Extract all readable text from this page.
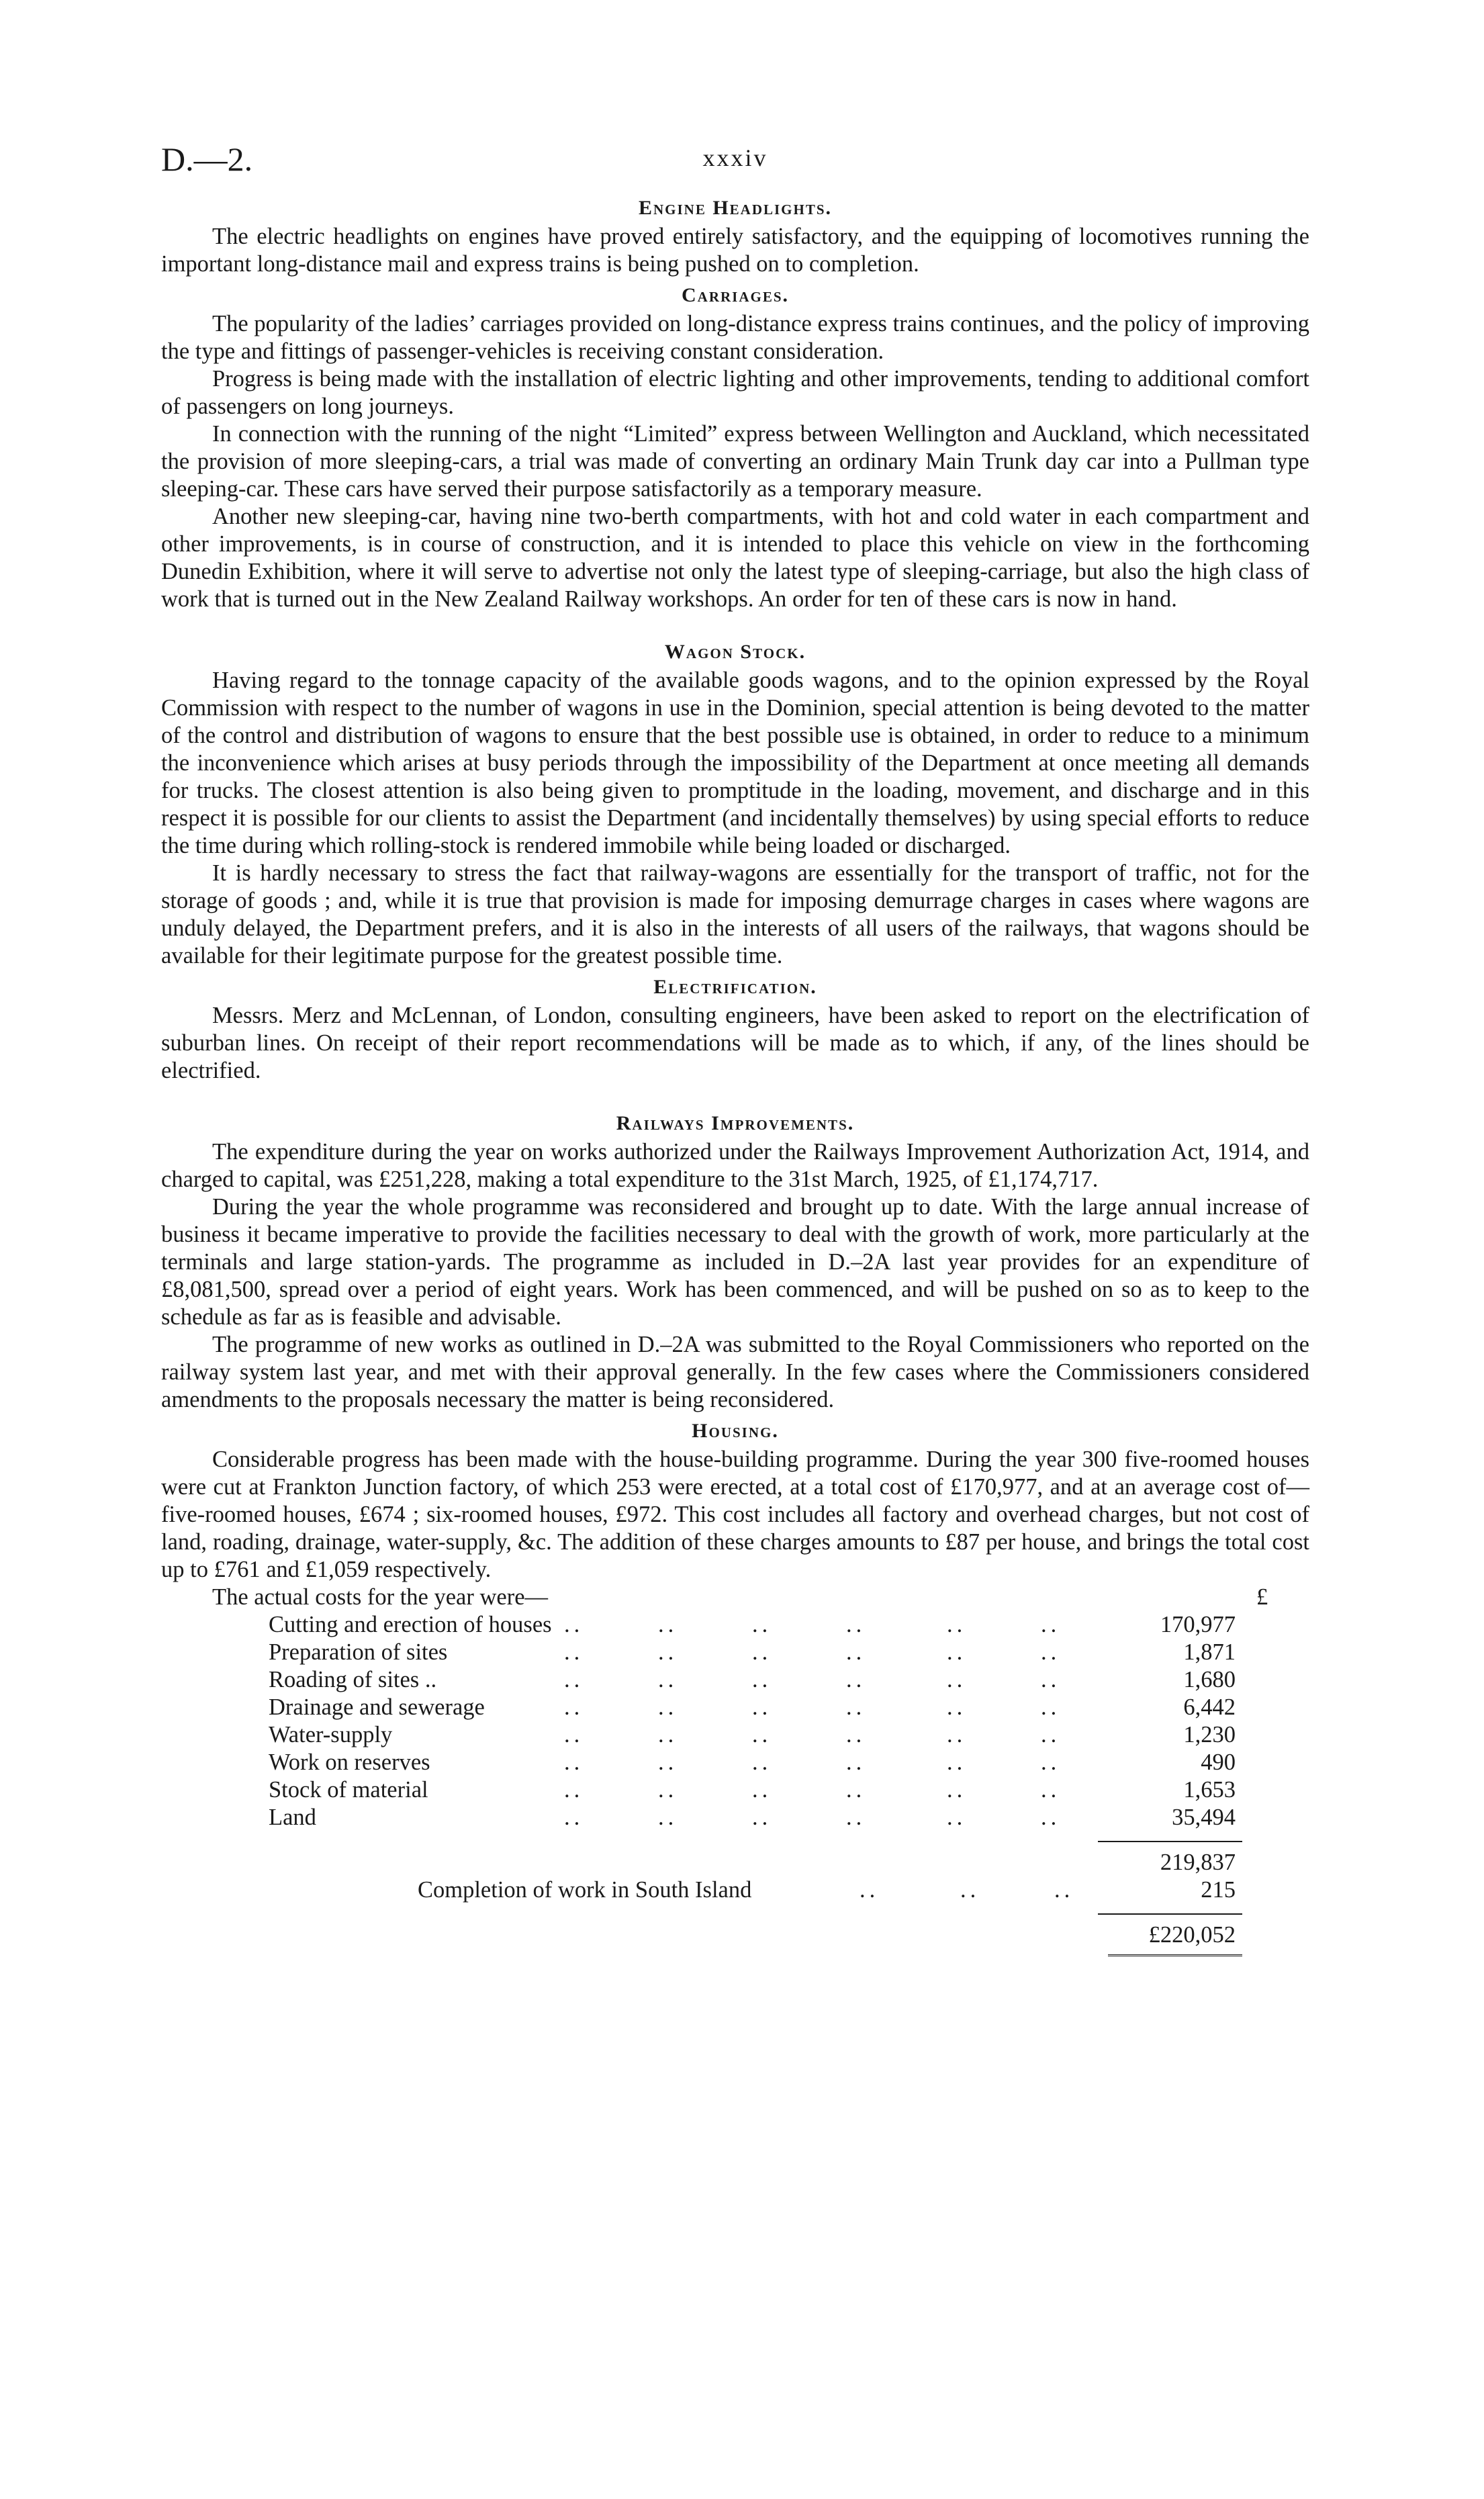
D.—2.	xxxiv
Engine Headlights.

The electric headlights on engines have proved entirely satisfactory, and the equipping of locomotives running the important long-distance mail and express trains is being pushed on to completion.

Carriages.

The popularity of the ladies’ carriages provided on long-distance express trains continues, and the policy of improving the type and fittings of passenger-vehicles is receiving constant consideration.

Progress is being made with the installation of electric lighting and other improvements, tending to additional comfort of passengers on long journeys.

In connection with the running of the night “Limited” express between Wellington and Auckland, which necessitated the provision of more sleeping-cars, a trial was made of converting an ordinary Main Trunk day car into a Pullman type sleeping-car. These cars have served their purpose satisfactorily as a temporary measure.

Another new sleeping-car, having nine two-berth compartments, with hot and cold water in each compartment and other improvements, is in course of construction, and it is intended to place this vehicle on view in the forthcoming Dunedin Exhibition, where it will serve to advertise not only the latest type of sleeping-carriage, but also the high class of work that is turned out in the New Zealand Railway workshops. An order for ten of these cars is now in hand.

Wagon Stock.

Having regard to the tonnage capacity of the available goods wagons, and to the opinion expressed by the Royal Commission with respect to the number of wagons in use in the Dominion, special attention is being devoted to the matter of the control and distribution of wagons to ensure that the best possible use is obtained, in order to reduce to a minimum the inconvenience which arises at busy periods through the impossibility of the Department at once meeting all demands for trucks. The closest attention is also being given to promptitude in the loading, movement, and discharge and in this respect it is possible for our clients to assist the Department (and incidentally themselves) by using special efforts to reduce the time during which rolling-stock is rendered immobile while being loaded or discharged.

It is hardly necessary to stress the fact that railway-wagons are essentially for the transport of traffic, not for the storage of goods ; and, while it is true that provision is made for imposing demurrage charges in cases where wagons are unduly delayed, the Department prefers, and it is also in the interests of all users of the railways, that wagons should be available for their legitimate purpose for the greatest possible time.

Electrification.

Messrs. Merz and McLennan, of London, consulting engineers, have been asked to report on the electrification of suburban lines. On receipt of their report recommendations will be made as to which, if any, of the lines should be electrified.

Railways Improvements.

The expenditure during the year on works authorized under the Railways Improvement Authorization Act, 1914, and charged to capital, was £251,228, making a total expenditure to the 31st March, 1925, of £1,174,717.

During the year the whole programme was reconsidered and brought up to date. With the large annual increase of business it became imperative to provide the facilities necessary to deal with the growth of work, more particularly at the terminals and large station-yards. The programme as included in D.–2A last year provides for an expenditure of £8,081,500, spread over a period of eight years. Work has been commenced, and will be pushed on so as to keep to the schedule as far as is feasible and advisable.

The programme of new works as outlined in D.–2A was submitted to the Royal Commissioners who reported on the railway system last year, and met with their approval generally. In the few cases where the Commissioners considered amendments to the proposals necessary the matter is being reconsidered.

Housing.

Considerable progress has been made with the house-building programme. During the year 300 five-roomed houses were cut at Frankton Junction factory, of which 253 were erected, at a total cost of £170,977, and at an average cost of—five-roomed houses, £674 ; six-roomed houses, £972. This cost includes all factory and overhead charges, but not cost of land, roading, drainage, water-supply, &c. The addition of these charges amounts to £87 per house, and brings the total cost up to £761 and £1,059 respectively.

The actual costs for the year were—	£
Cutting and erection of houses ..	..	..	..	..	..	170,977
Preparation of sites	..	..	..	..	..	..	1,871
Roading of sites ..	..	..	..	..	..	..	1,680
Drainage and sewerage	..	..	..	..	..	..	6,442
Water-supply	..	..	..	..	..	..	1,230
Work on reserves	..	..	..	..	..	..	490
Stock of material	..	..	..	..	..	..	1,653
Land	..	..	..	..	..	..	35,494
219,837
Completion of work in South Island	..	..	..	215
£220,052
